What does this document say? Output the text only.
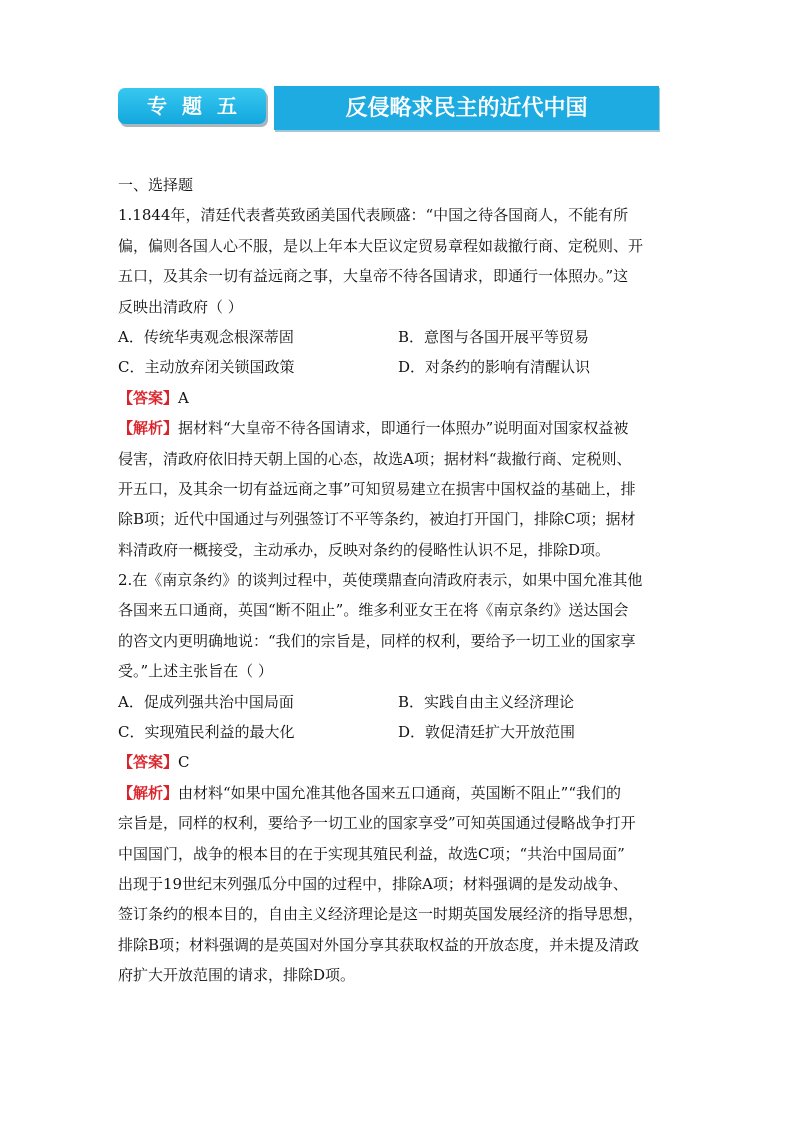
专题五	反侵略求民主的近代中国

一、选择题

1.1844年，清廷代表耆英致函美国代表顾盛：“中国之待各国商人，不能有所

偏，偏则各国人心不服，是以上年本大臣议定贸易章程如裁撤行商、定税则、开

五口，及其余一切有益远商之事，大皇帝不待各国请求，即通行一体照办。”这

反映出清政府（ ）

A．传统华夷观念根深蒂固	B．意图与各国开展平等贸易
C．主动放弃闭关锁国政策	D．对条约的影响有清醒认识

【答案】A

【解析】据材料“大皇帝不待各国请求，即通行一体照办”说明面对国家权益被

侵害，清政府依旧持天朝上国的心态，故选A项；据材料“裁撤行商、定税则、

开五口，及其余一切有益远商之事”可知贸易建立在损害中国权益的基础上，排

除B项；近代中国通过与列强签订不平等条约，被迫打开国门，排除C项；据材

料清政府一概接受，主动承办，反映对条约的侵略性认识不足，排除D项。

2.在《南京条约》的谈判过程中，英使璞鼎查向清政府表示，如果中国允准其他

各国来五口通商，英国“断不阻止”。维多利亚女王在将《南京条约》送达国会

的咨文内更明确地说：“我们的宗旨是，同样的权利，要给予一切工业的国家享

受。”上述主张旨在（ ）

A．促成列强共治中国局面	B．实践自由主义经济理论
C．实现殖民利益的最大化	D．敦促清廷扩大开放范围

【答案】C

【解析】由材料“如果中国允准其他各国来五口通商，英国断不阻止”“我们的

宗旨是，同样的权利，要给予一切工业的国家享受”可知英国通过侵略战争打开

中国国门，战争的根本目的在于实现其殖民利益，故选C项；“共治中国局面”

出现于19世纪末列强瓜分中国的过程中，排除A项；材料强调的是发动战争、

签订条约的根本目的，自由主义经济理论是这一时期英国发展经济的指导思想，

排除B项；材料强调的是英国对外国分享其获取权益的开放态度，并未提及清政

府扩大开放范围的请求，排除D项。
